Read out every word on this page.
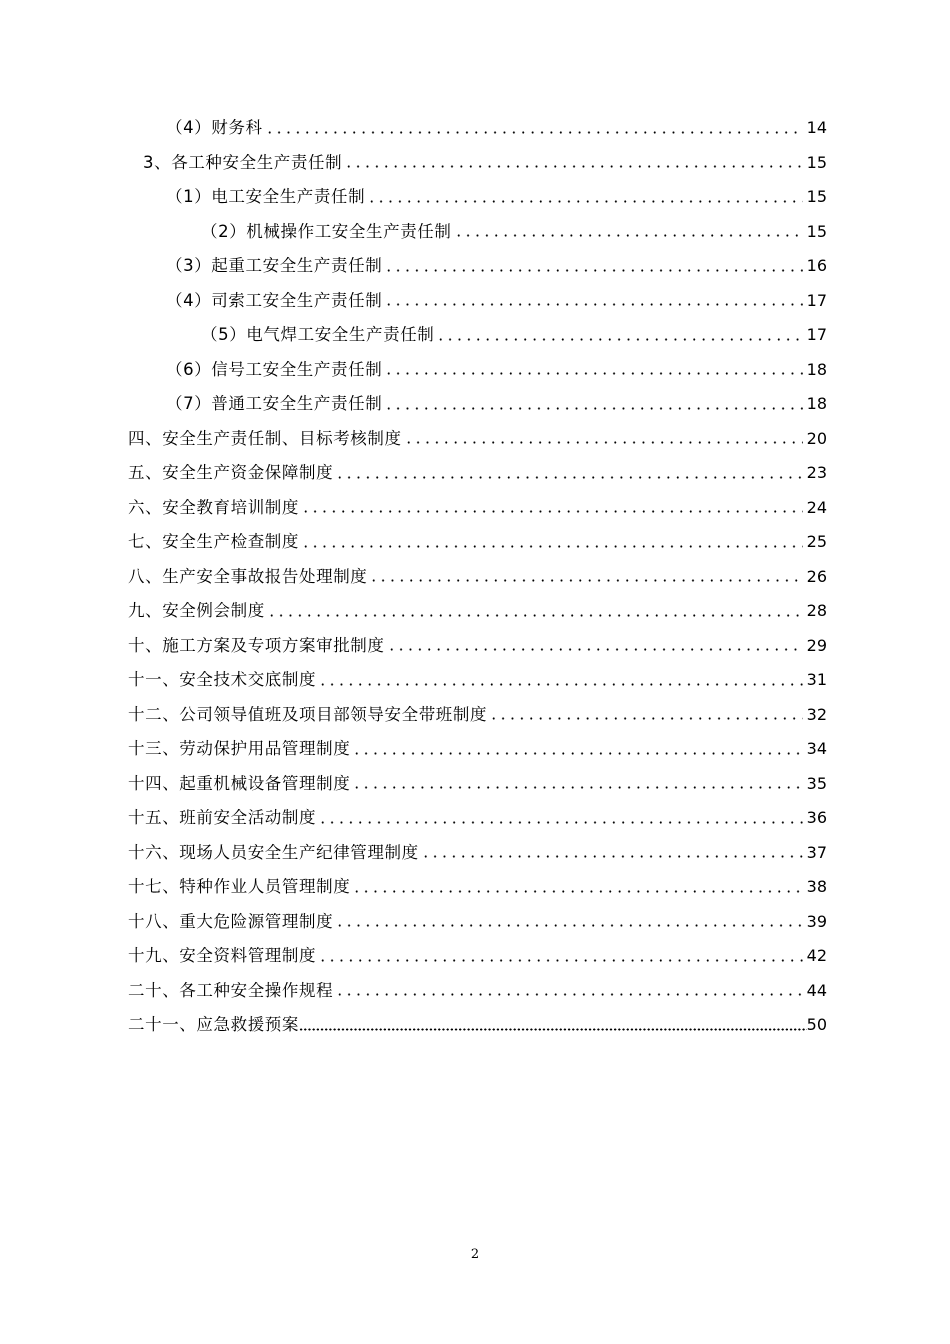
（4）财务科	14
3、各工种安全生产责任制	15
（1）电工安全生产责任制	15
（2）机械操作工安全生产责任制	15
（3）起重工安全生产责任制	16
（4）司索工安全生产责任制	17
（5）电气焊工安全生产责任制	17
（6）信号工安全生产责任制	18
（7）普通工安全生产责任制	18
四、安全生产责任制、目标考核制度	20
五、安全生产资金保障制度	23
六、安全教育培训制度	24
七、安全生产检查制度	25
八、生产安全事故报告处理制度	26
九、安全例会制度	28
十、施工方案及专项方案审批制度	29
十一、安全技术交底制度	31
十二、公司领导值班及项目部领导安全带班制度	32
十三、劳动保护用品管理制度	34
十四、起重机械设备管理制度	35
十五、班前安全活动制度	36
十六、现场人员安全生产纪律管理制度	37
十七、特种作业人员管理制度	38
十八、重大危险源管理制度	39
十九、安全资料管理制度	42
二十、各工种安全操作规程	44
二十一、应急救援预案	50
2
